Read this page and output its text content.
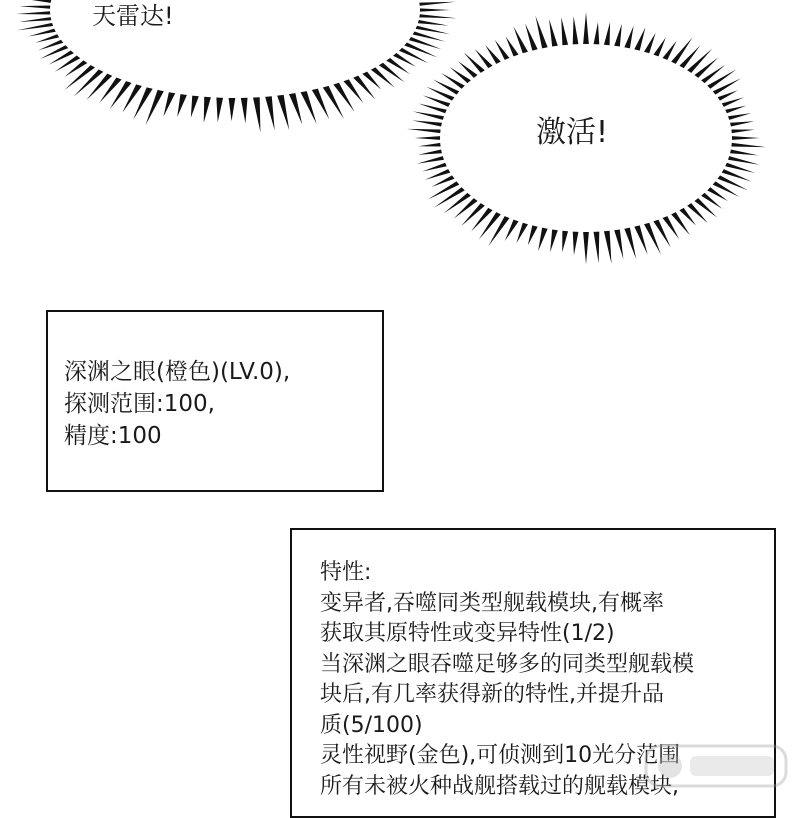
天雷达!
激活!
深渊之眼(橙色)(LV.0),
探测范围:100,
精度:100
特性:
变异者,吞噬同类型舰载模块,有概率
获取其原特性或变异特性(1/2)
当深渊之眼吞噬足够多的同类型舰载模
块后,有几率获得新的特性,并提升品
质(5/100)
灵性视野(金色),可侦测到10光分范围
所有未被火种战舰搭载过的舰载模块,
